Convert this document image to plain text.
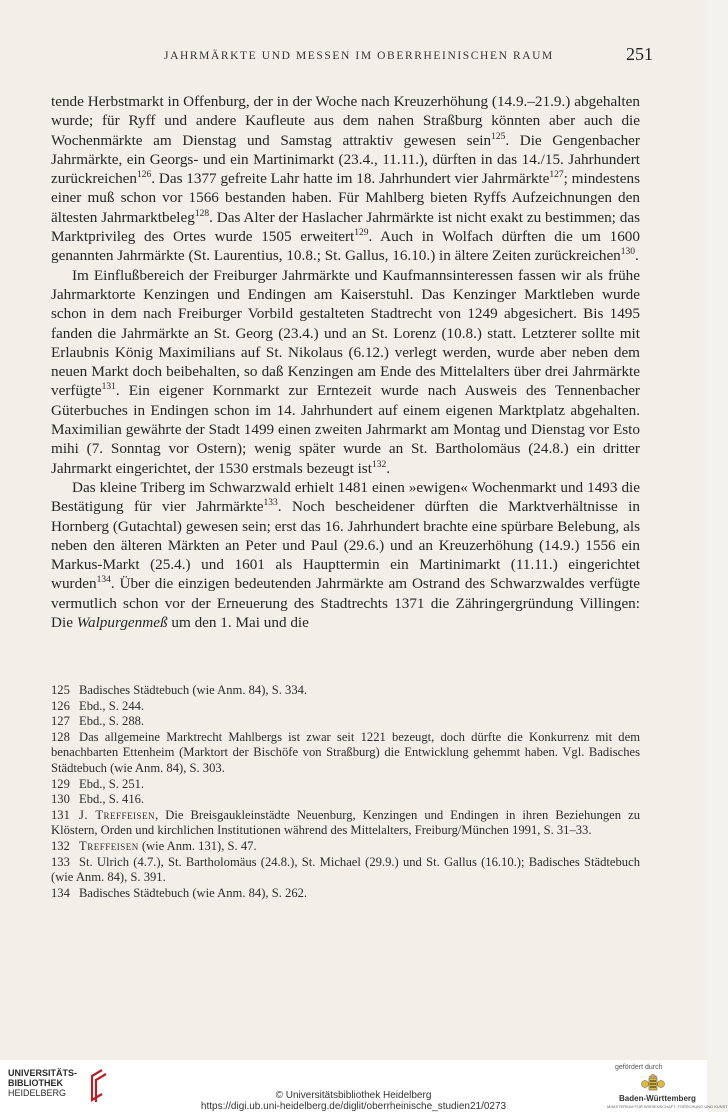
JAHRMÄRKTE UND MESSEN IM OBERRHEINISCHEN RAUM	251

tende Herbstmarkt in Offenburg, der in der Woche nach Kreuzerhöhung (14.9.–21.9.) abgehalten wurde; für Ryff und andere Kaufleute aus dem nahen Straßburg könnten aber auch die Wochenmärkte am Dienstag und Samstag attraktiv gewesen sein$^{125}$. Die Gengenbacher Jahrmärkte, ein Georgs- und ein Martinimarkt (23.4., 11.11.), dürften in das 14./15. Jahrhundert zurückreichen$^{126}$. Das 1377 gefreite Lahr hatte im 18. Jahrhundert vier Jahrmärkte$^{127}$; mindestens einer muß schon vor 1566 bestanden haben. Für Mahlberg bieten Ryffs Aufzeichnungen den ältesten Jahrmarktbeleg$^{128}$. Das Alter der Haslacher Jahrmärkte ist nicht exakt zu bestimmen; das Marktprivileg des Ortes wurde 1505 erweitert$^{129}$. Auch in Wolfach dürften die um 1600 genannten Jahrmärkte (St. Laurentius, 10.8.; St. Gallus, 16.10.) in ältere Zeiten zurückreichen$^{130}$.

Im Einflußbereich der Freiburger Jahrmärkte und Kaufmannsinteressen fassen wir als frühe Jahrmarktorte Kenzingen und Endingen am Kaiserstuhl. Das Kenzinger Marktleben wurde schon in dem nach Freiburger Vorbild gestalteten Stadtrecht von 1249 abgesichert. Bis 1495 fanden die Jahrmärkte an St. Georg (23.4.) und an St. Lorenz (10.8.) statt. Letzterer sollte mit Erlaubnis König Maximilians auf St. Nikolaus (6.12.) verlegt werden, wurde aber neben dem neuen Markt doch beibehalten, so daß Kenzingen am Ende des Mittelalters über drei Jahrmärkte verfügte$^{131}$. Ein eigener Kornmarkt zur Erntezeit wurde nach Ausweis des Tennenbacher Güterbuches in Endingen schon im 14. Jahrhundert auf einem eigenen Marktplatz abgehalten. Maximilian gewährte der Stadt 1499 einen zweiten Jahrmarkt am Montag und Dienstag vor Esto mihi (7. Sonntag vor Ostern); wenig später wurde an St. Bartholomäus (24.8.) ein dritter Jahrmarkt eingerichtet, der 1530 erstmals bezeugt ist$^{132}$.

Das kleine Triberg im Schwarzwald erhielt 1481 einen »ewigen« Wochenmarkt und 1493 die Bestätigung für vier Jahrmärkte$^{133}$. Noch bescheidener dürften die Marktverhältnisse in Hornberg (Gutachtal) gewesen sein; erst das 16. Jahrhundert brachte eine spürbare Belebung, als neben den älteren Märkten an Peter und Paul (29.6.) und an Kreuzerhöhung (14.9.) 1556 ein Markus-Markt (25.4.) und 1601 als Haupttermin ein Martinimarkt (11.11.) eingerichtet wurden$^{134}$. Über die einzigen bedeutenden Jahrmärkte am Ostrand des Schwarzwaldes verfügte vermutlich schon vor der Erneuerung des Stadtrechts 1371 die Zähringergründung Villingen: Die Walpurgenmeß um den 1. Mai und die

125 Badisches Städtebuch (wie Anm. 84), S. 334.

126 Ebd., S. 244.

127 Ebd., S. 288.

128 Das allgemeine Marktrecht Mahlbergs ist zwar seit 1221 bezeugt, doch dürfte die Konkurrenz mit dem benachbarten Ettenheim (Marktort der Bischöfe von Straßburg) die Entwicklung gehemmt haben. Vgl. Badisches Städtebuch (wie Anm. 84), S. 303.

129 Ebd., S. 251.

130 Ebd., S. 416.

131 J. Treffeisen, Die Breisgaukleinstädte Neuenburg, Kenzingen und Endingen in ihren Beziehungen zu Klöstern, Orden und kirchlichen Institutionen während des Mittelalters, Freiburg/München 1991, S. 31–33.

132 Treffeisen (wie Anm. 131), S. 47.

133 St. Ulrich (4.7.), St. Bartholomäus (24.8.), St. Michael (29.9.) und St. Gallus (16.10.); Badisches Städtebuch (wie Anm. 84), S. 391.

134 Badisches Städtebuch (wie Anm. 84), S. 262.

UNIVERSITÄTS-
BIBLIOTHEK
HEIDELBERG	© Universitätsbibliothek Heidelberg
https://digi.ub.uni-heidelberg.de/diglit/oberrheinische_studien21/0273
gefördert durch
Baden-Württemberg
MINISTERIUM FÜR WISSENSCHAFT, FORSCHUNG UND KUNST
